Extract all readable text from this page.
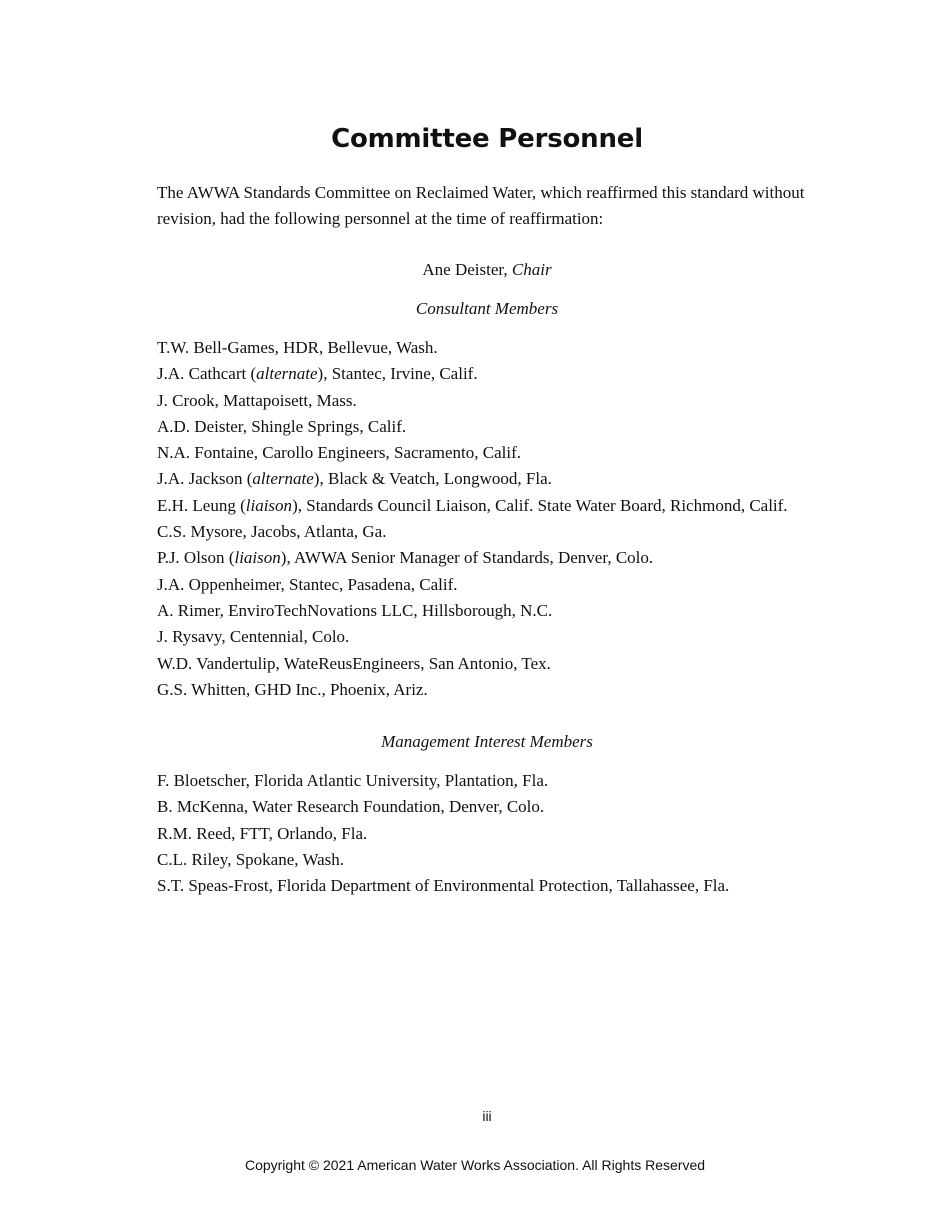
Committee Personnel

The AWWA Standards Committee on Reclaimed Water, which reaffirmed this standard without revision, had the following personnel at the time of reaffirmation:

Ane Deister, Chair

Consultant Members

T.W. Bell-Games, HDR, Bellevue, Wash.
J.A. Cathcart (alternate), Stantec, Irvine, Calif.
J. Crook, Mattapoisett, Mass.
A.D. Deister, Shingle Springs, Calif.
N.A. Fontaine, Carollo Engineers, Sacramento, Calif.
J.A. Jackson (alternate), Black & Veatch, Longwood, Fla.
E.H. Leung (liaison), Standards Council Liaison, Calif. State Water Board, Richmond, Calif.
C.S. Mysore, Jacobs, Atlanta, Ga.
P.J. Olson (liaison), AWWA Senior Manager of Standards, Denver, Colo.
J.A. Oppenheimer, Stantec, Pasadena, Calif.
A. Rimer, EnviroTechNovations LLC, Hillsborough, N.C.
J. Rysavy, Centennial, Colo.
W.D. Vandertulip, WateReusEngineers, San Antonio, Tex.
G.S. Whitten, GHD Inc., Phoenix, Ariz.

Management Interest Members

F. Bloetscher, Florida Atlantic University, Plantation, Fla.
B. McKenna, Water Research Foundation, Denver, Colo.
R.M. Reed, FTT, Orlando, Fla.
C.L. Riley, Spokane, Wash.
S.T. Speas-Frost, Florida Department of Environmental Protection, Tallahassee, Fla.

iii

Copyright © 2021 American Water Works Association. All Rights Reserved
